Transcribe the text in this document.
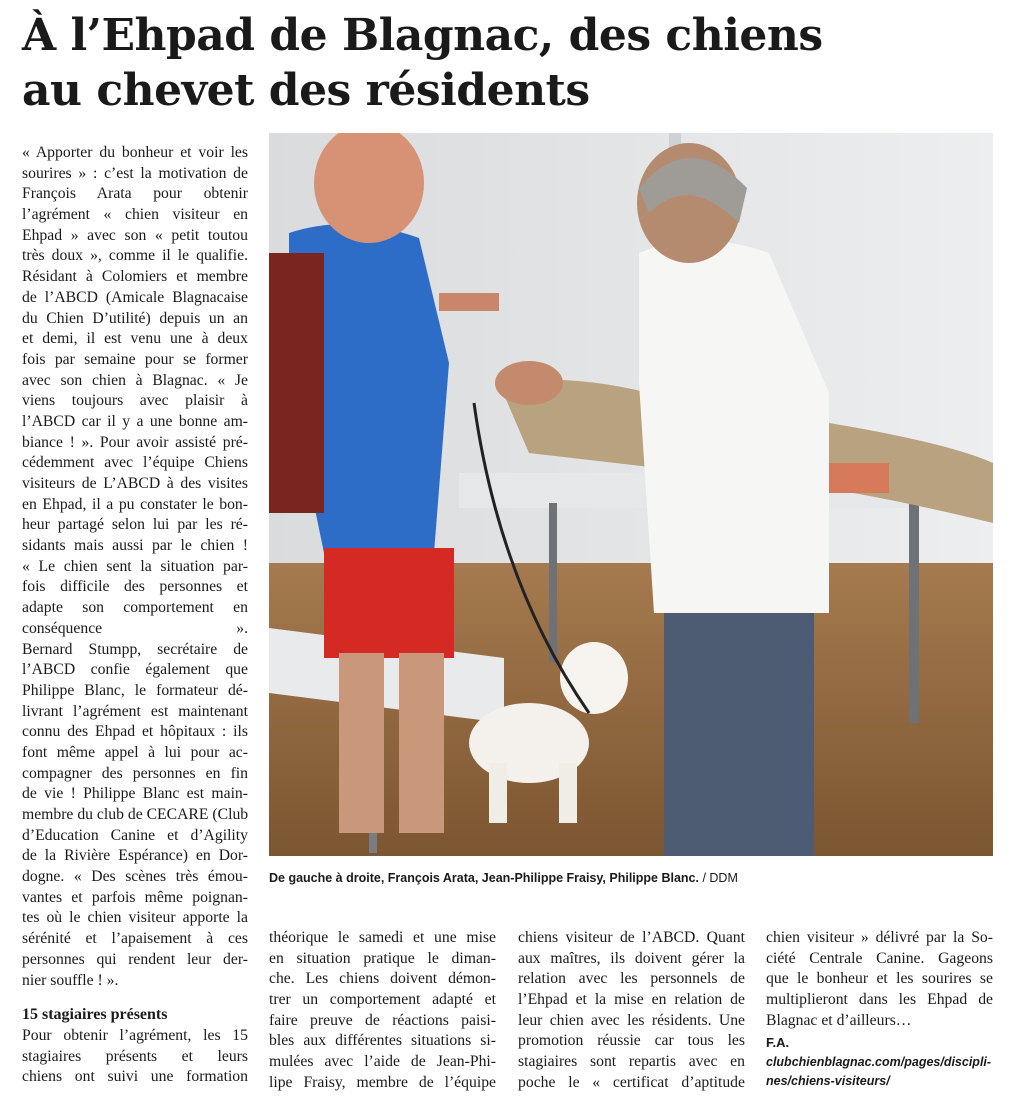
À l’Ehpad de Blagnac, des chiens
au chevet des résidents
« Apporter du bonheur et voir les
sourires » : c’est la motivation de
François Arata pour obtenir
l’agrément « chien visiteur en
Ehpad » avec son « petit toutou
très doux », comme il le qualifie.
Résidant à Colomiers et membre
de l’ABCD (Amicale Blagnacaise
du Chien D’utilité) depuis un an
et demi, il est venu une à deux
fois par semaine pour se former
avec son chien à Blagnac. « Je
viens toujours avec plaisir à
l’ABCD car il y a une bonne am-
biance ! ». Pour avoir assisté pré-
cédemment avec l’équipe Chiens
visiteurs de L’ABCD à des visites
en Ehpad, il a pu constater le bon-
heur partagé selon lui par les ré-
sidants mais aussi par le chien !
« Le chien sent la situation par-
fois difficile des personnes et
adapte son comportement en
conséquence ».
Bernard Stumpp, secrétaire de
l’ABCD confie également que
Philippe Blanc, le formateur dé-
livrant l’agrément est maintenant
connu des Ehpad et hôpitaux : ils
font même appel à lui pour ac-
compagner des personnes en fin
de vie ! Philippe Blanc est main-
membre du club de CECARE (Club
d’Education Canine et d’Agility
de la Rivière Espérance) en Dor-
dogne. « Des scènes très émou-
vantes et parfois même poignan-
tes où le chien visiteur apporte la
sérénité et l’apaisement à ces
personnes qui rendent leur der-
nier souffle ! ».
15 stagiaires présents
Pour obtenir l’agrément, les 15
stagiaires présents et leurs
chiens ont suivi une formation
De gauche à droite, François Arata, Jean-Philippe Fraisy, Philippe Blanc. / DDM
théorique le samedi et une mise
en situation pratique le diman-
che. Les chiens doivent démon-
trer un comportement adapté et
faire preuve de réactions paisi-
bles aux différentes situations si-
mulées avec l’aide de Jean-Phi-
lipe Fraisy, membre de l’équipe
chiens visiteur de l’ABCD. Quant
aux maîtres, ils doivent gérer la
relation avec les personnels de
l’Ehpad et la mise en relation de
leur chien avec les résidents. Une
promotion réussie car tous les
stagiaires sont repartis avec en
poche le « certificat d’aptitude
chien visiteur » délivré par la So-
ciété Centrale Canine. Gageons
que le bonheur et les sourires se
multiplieront dans les Ehpad de
Blagnac et d’ailleurs…
F.A.
clubchienblagnac.com/pages/discipli-
nes/chiens-visiteurs/
